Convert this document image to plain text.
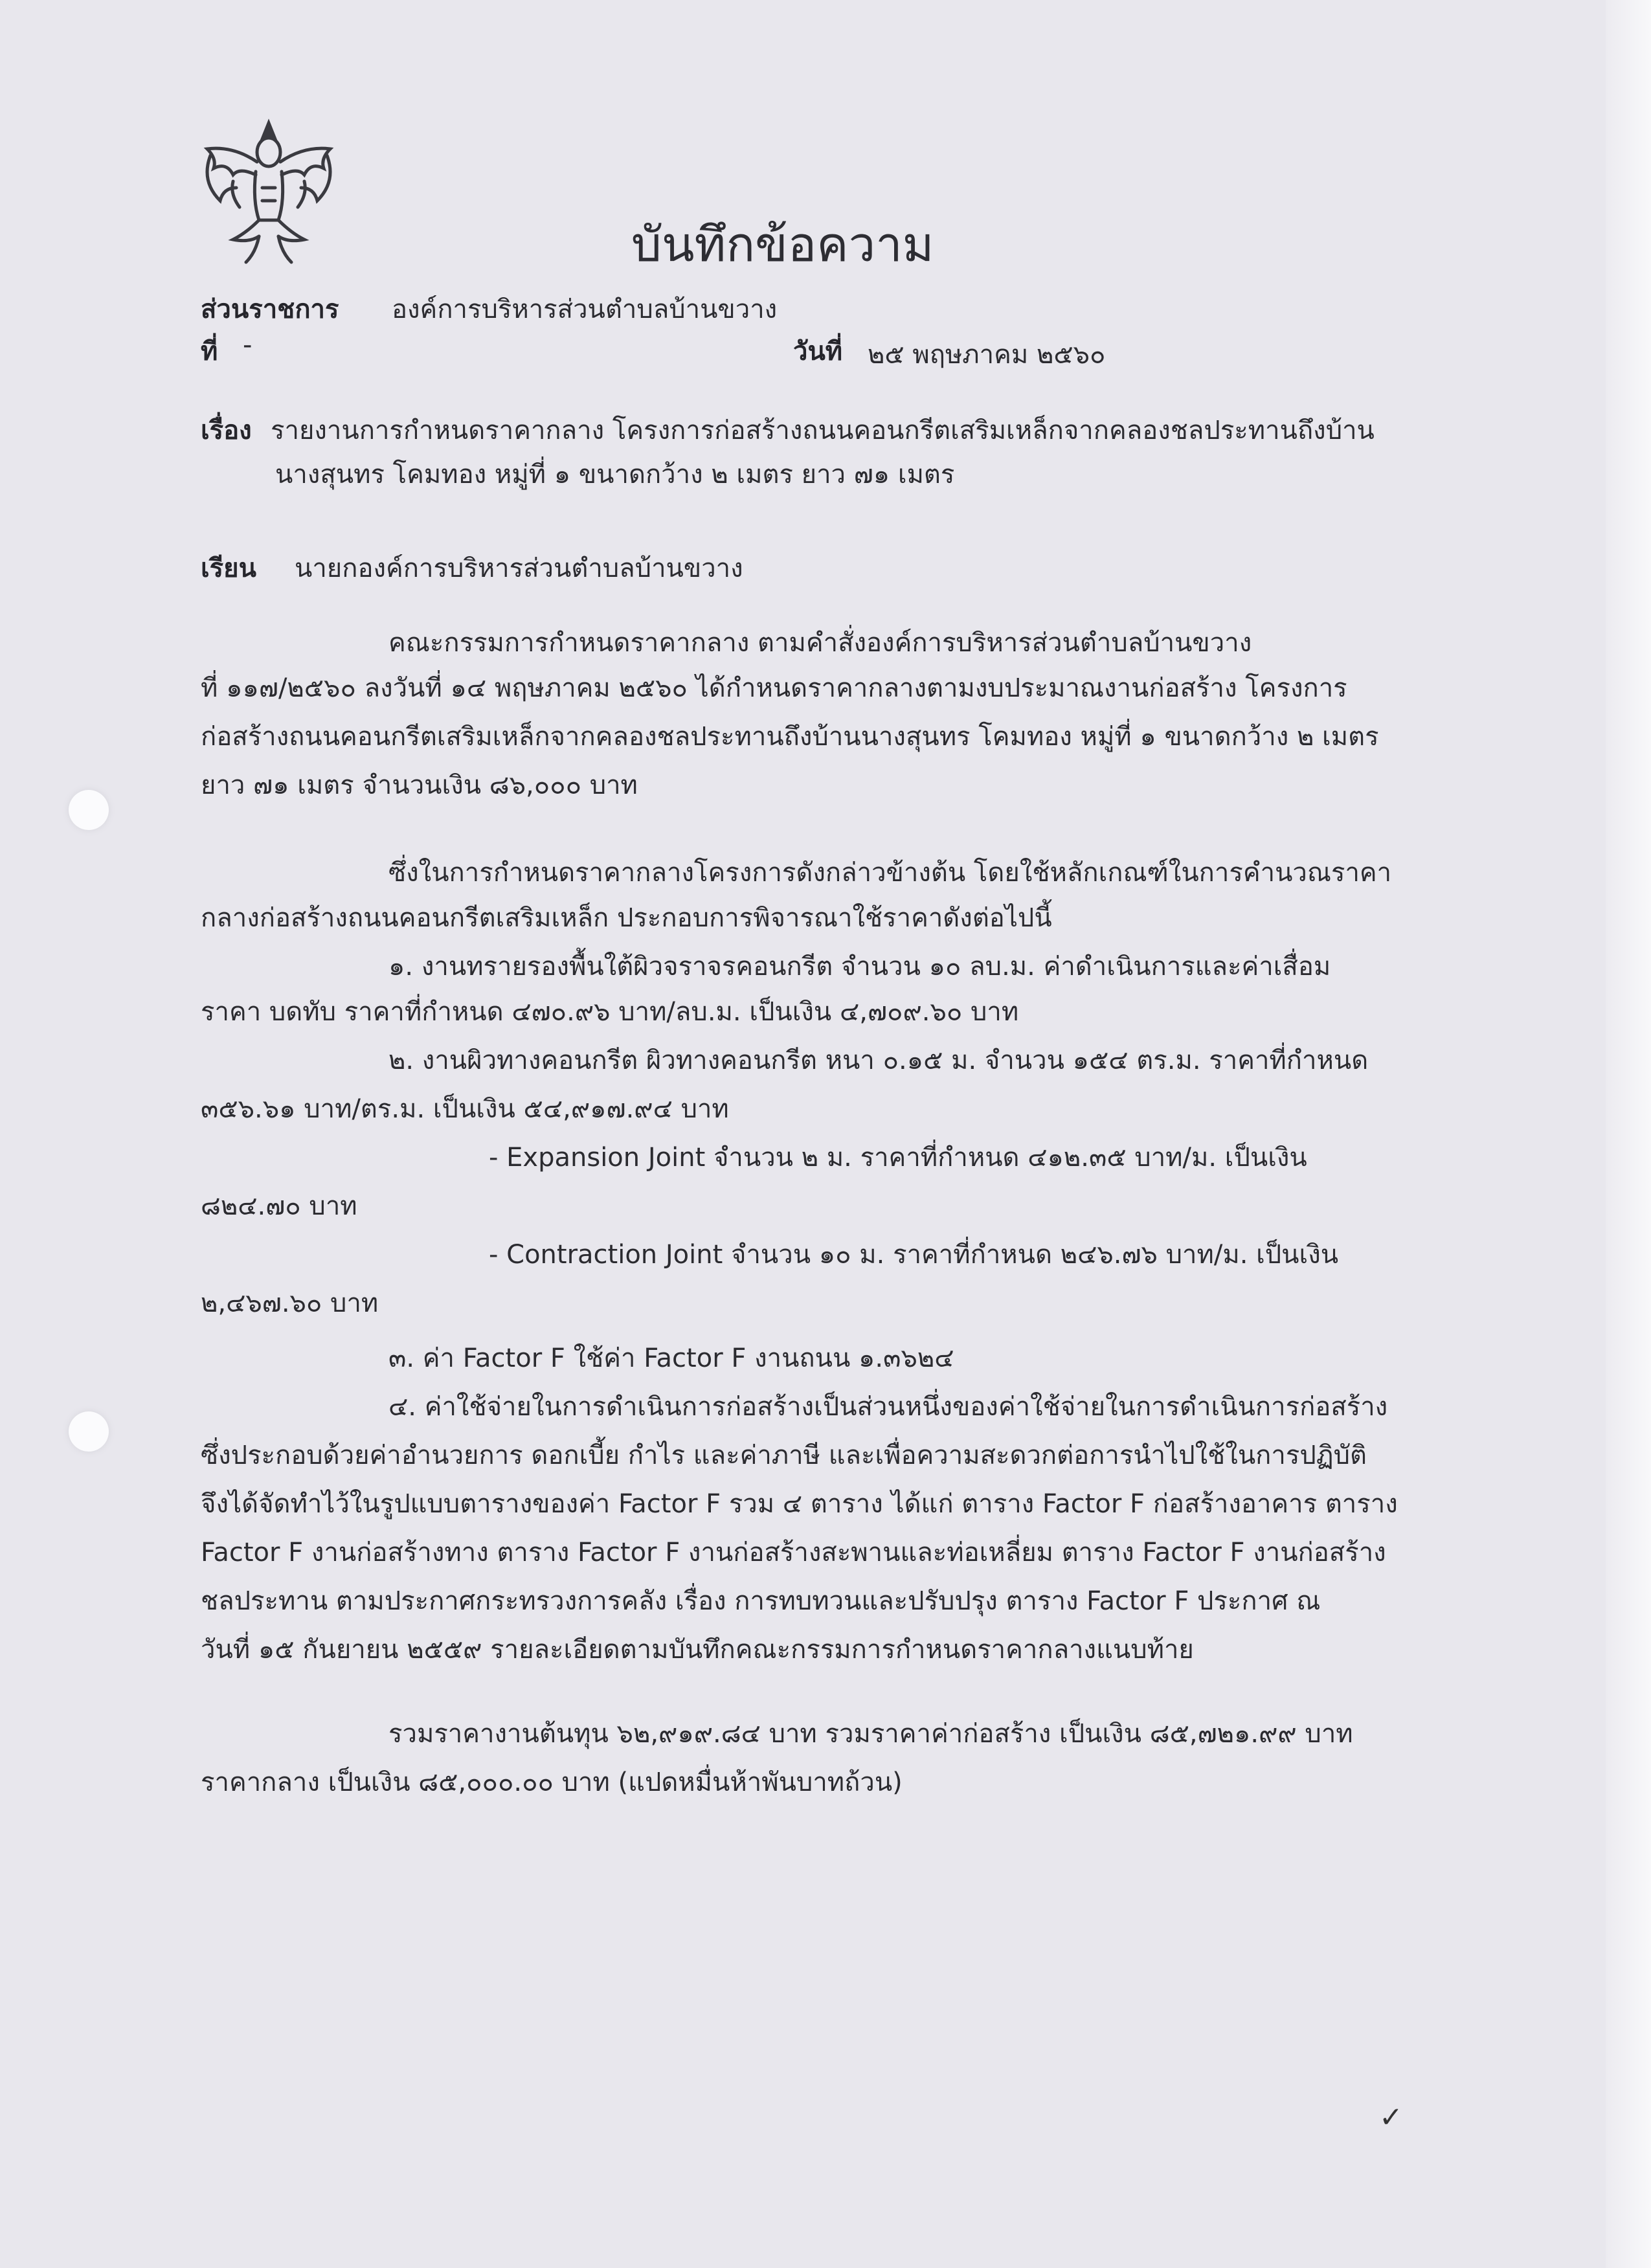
บันทึกข้อความ
ส่วนราชการ องค์การบริหารส่วนตำบลบ้านขวาง
ที่ -	วันที่ ๒๕ พฤษภาคม ๒๕๖๐
เรื่อง รายงานการกำหนดราคากลาง โครงการก่อสร้างถนนคอนกรีตเสริมเหล็กจากคลองชลประทานถึงบ้าน
นางสุนทร โคมทอง หมู่ที่ ๑ ขนาดกว้าง ๒ เมตร ยาว ๗๑ เมตร
เรียน นายกองค์การบริหารส่วนตำบลบ้านขวาง
คณะกรรมการกำหนดราคากลาง ตามคำสั่งองค์การบริหารส่วนตำบลบ้านขวาง
ที่ ๑๑๗/๒๕๖๐ ลงวันที่ ๑๔ พฤษภาคม ๒๕๖๐ ได้กำหนดราคากลางตามงบประมาณงานก่อสร้าง โครงการ
ก่อสร้างถนนคอนกรีตเสริมเหล็กจากคลองชลประทานถึงบ้านนางสุนทร โคมทอง หมู่ที่ ๑ ขนาดกว้าง ๒ เมตร
ยาว ๗๑ เมตร จำนวนเงิน ๘๖,๐๐๐ บาท
ซึ่งในการกำหนดราคากลางโครงการดังกล่าวข้างต้น โดยใช้หลักเกณฑ์ในการคำนวณราคา
กลางก่อสร้างถนนคอนกรีตเสริมเหล็ก ประกอบการพิจารณาใช้ราคาดังต่อไปนี้
๑. งานทรายรองพื้นใต้ผิวจราจรคอนกรีต จำนวน ๑๐ ลบ.ม. ค่าดำเนินการและค่าเสื่อม
ราคา บดทับ ราคาที่กำหนด ๔๗๐.๙๖ บาท/ลบ.ม. เป็นเงิน ๔,๗๐๙.๖๐ บาท
๒. งานผิวทางคอนกรีต ผิวทางคอนกรีต หนา ๐.๑๕ ม. จำนวน ๑๕๔ ตร.ม. ราคาที่กำหนด
๓๕๖.๖๑ บาท/ตร.ม. เป็นเงิน ๕๔,๙๑๗.๙๔ บาท
- Expansion Joint จำนวน ๒ ม. ราคาที่กำหนด ๔๑๒.๓๕ บาท/ม. เป็นเงิน
๘๒๔.๗๐ บาท
- Contraction Joint จำนวน ๑๐ ม. ราคาที่กำหนด ๒๔๖.๗๖ บาท/ม. เป็นเงิน
๒,๔๖๗.๖๐ บาท
๓. ค่า Factor F ใช้ค่า Factor F งานถนน ๑.๓๖๒๔
๔. ค่าใช้จ่ายในการดำเนินการก่อสร้างเป็นส่วนหนึ่งของค่าใช้จ่ายในการดำเนินการก่อสร้าง
ซึ่งประกอบด้วยค่าอำนวยการ ดอกเบี้ย กำไร และค่าภาษี และเพื่อความสะดวกต่อการนำไปใช้ในการปฏิบัติ
จึงได้จัดทำไว้ในรูปแบบตารางของค่า Factor F รวม ๔ ตาราง ได้แก่ ตาราง Factor F ก่อสร้างอาคาร ตาราง
Factor F งานก่อสร้างทาง ตาราง Factor F งานก่อสร้างสะพานและท่อเหลี่ยม ตาราง Factor F งานก่อสร้าง
ชลประทาน ตามประกาศกระทรวงการคลัง เรื่อง การทบทวนและปรับปรุง ตาราง Factor F ประกาศ ณ
วันที่ ๑๕ กันยายน ๒๕๕๙ รายละเอียดตามบันทึกคณะกรรมการกำหนดราคากลางแนบท้าย
รวมราคางานต้นทุน ๖๒,๙๑๙.๘๔ บาท รวมราคาค่าก่อสร้าง เป็นเงิน ๘๕,๗๒๑.๙๙ บาท
ราคากลาง เป็นเงิน ๘๕,๐๐๐.๐๐ บาท (แปดหมื่นห้าพันบาทถ้วน)
✓
